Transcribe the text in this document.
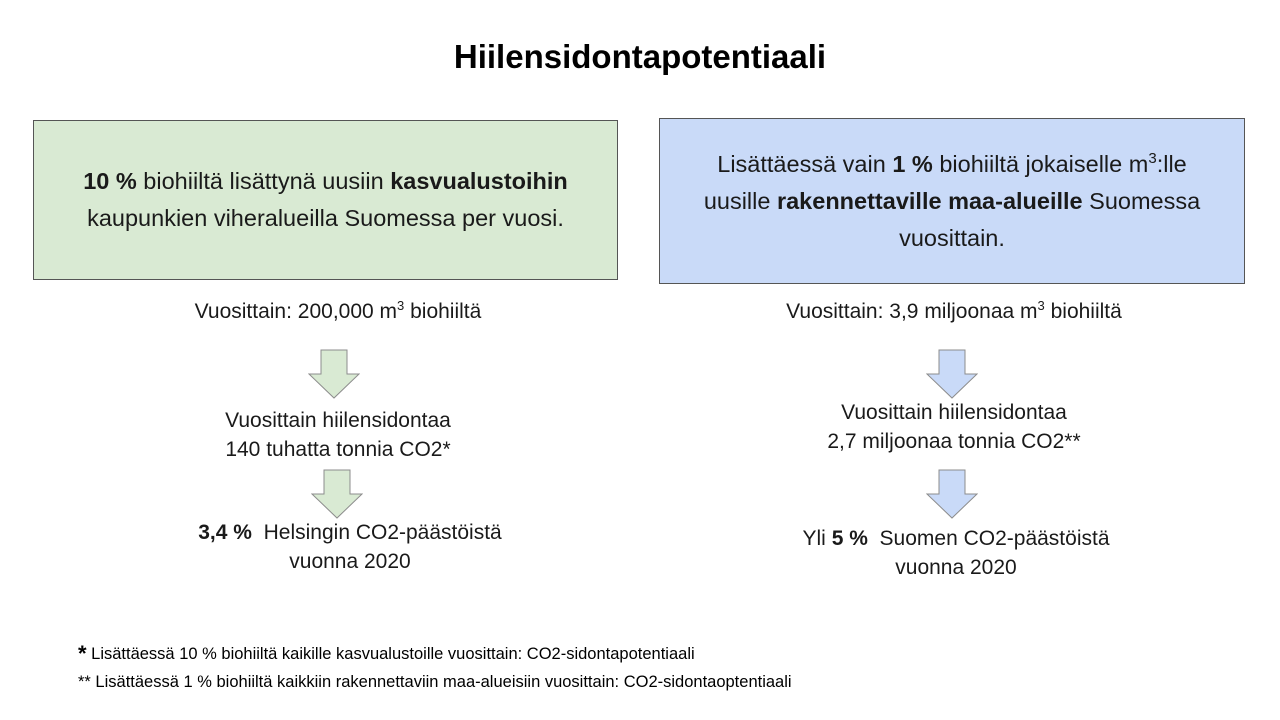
Hiilensidontapotentiaali

10 % biohiiltä lisättynä uusiin kasvualustoihin kaupunkien viheralueilla Suomessa per vuosi.

Vuosittain: 200,000 $m^3$ biohiiltä

Vuosittain hiilensidontaa

140 tuhatta tonnia CO2*

3,4 %  Helsingin CO2-päästöistä

vuonna 2020

Lisättäessä vain 1 % biohiiltä jokaiselle $m^3:lle$ uusille rakennettaville maa-alueille Suomessa vuosittain.

Vuosittain: 3,9 miljoonaa $m^3$ biohiiltä

Vuosittain hiilensidontaa

2,7 miljoonaa tonnia CO2**

Yli 5 %  Suomen CO2-päästöistä

vuonna 2020

* Lisättäessä 10 % biohiiltä kaikille kasvualustoille vuosittain: CO2-sidontapotentiaali

** Lisättäessä 1 % biohiiltä kaikkiin rakennettaviin maa-alueisiin vuosittain: CO2-sidontaoptentiaali
